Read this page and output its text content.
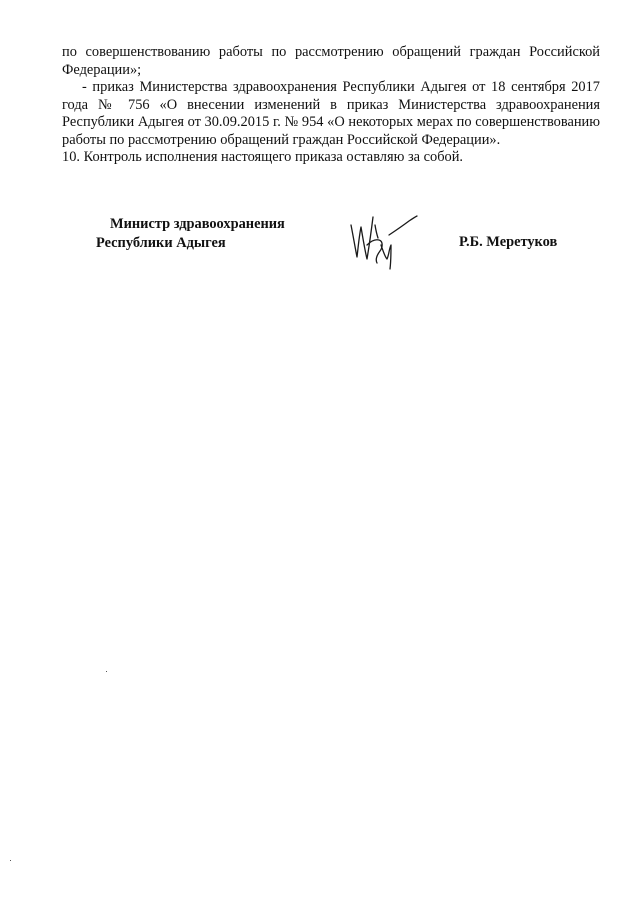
по совершенствованию работы по рассмотрению обращений граждан Российской Федерации»;

- приказ Министерства здравоохранения Республики Адыгея от 18 сентября 2017 года № 756 «О внесении изменений в приказ Министерства здравоохранения Республики Адыгея от 30.09.2015 г. № 954 «О некоторых мерах по совершенствованию работы по рассмотрению обращений граждан Российской Федерации».

10. Контроль исполнения настоящего приказа оставляю за собой.

Министр здравоохранения
Республики Адыгея	Р.Б. Меретуков
